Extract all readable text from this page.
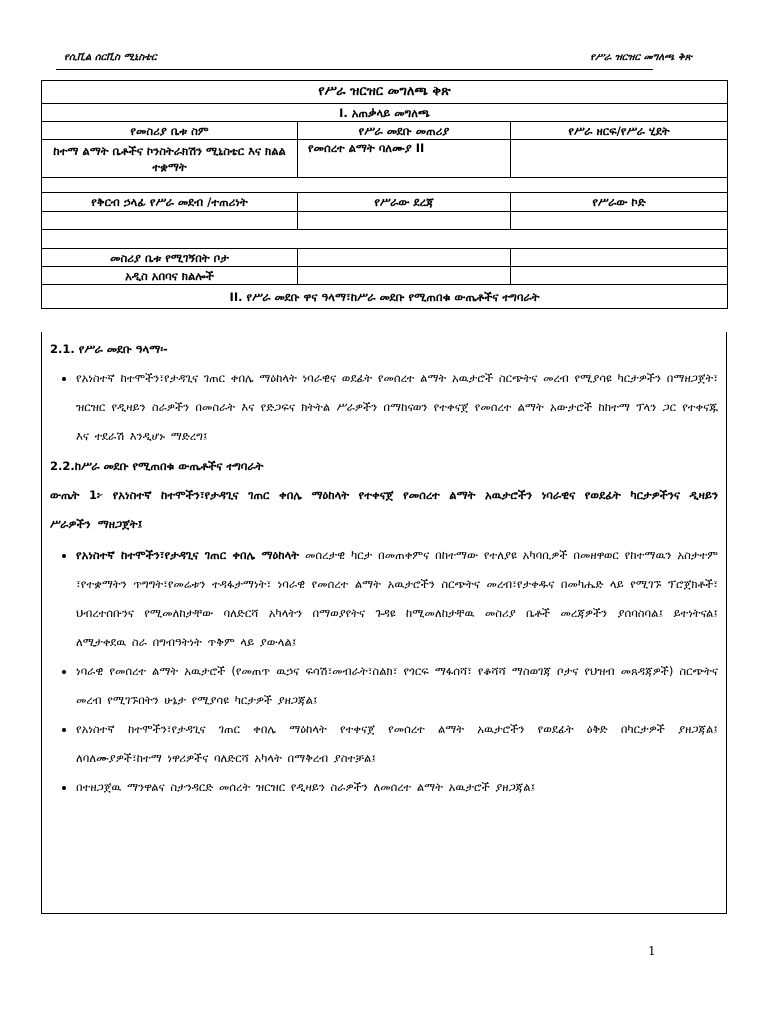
የሲቪል ሰርቪስ ሚኒስቴር	የሥራ ዝርዝር መግለጫ ቅጽ
የሥራ ዝርዝር መግለጫ ቅጽ		
I. አጠቃላይ መግለጫ		
የመስሪያ ቤቱ ስም	የሥራ መደቡ መጠሪያ	የሥራ ዘርፍ/የሥራ ሂደት
ከተማ ልማት ቤቶችና ኮንስትራክሽን ሚኒስቴር እና ክልል ተቋማት	የመሰረተ ልማት ባለሙያ II	

የቅርብ ኃላፊ የሥራ መደብ /ተጠሪነት	የሥራው ደረጃ	የሥራው ኮድ

መስሪያ ቤቱ የሚገኝበት ቦታ		
አዲስ አበባና ክልሎች		
II. የሥራ መደቡ ዋና ዓላማ፣ከሥራ መደቡ የሚጠበቁ ውጤቶችና ተግባራት		
2.1. የሥራ መደቡ ዓላማ፡-
• የአነስተኛ ከተሞችን፣የታዳጊና ገጠር ቀበሌ ማዕከላት ነባራዊና ወደፊት የመሰረተ ልማት አዉታሮች ስርጭትና መረብ የሚያሳዩ ካርታዎችን በማዘጋጀት፣ ዝርዝር የዲዛይን ስራዎችን በመስራት እና የድጋፍና ክትትል ሥራዎችን በማከናወን የተቀናጀ የመሰረተ ልማት አውታሮች ከከተማ ፕላን ጋር የተቀናጁ እና ተደራሽ እንዲሆኑ ማድረግ፤
2.2.ከሥራ መደቡ የሚጠበቁ ውጤቶችና ተግባራት
ውጤት 1፦ የአነስተኛ ከተሞችን፣የታዳጊና ገጠር ቀበሌ ማዕከላት የተቀናጀ የመሰረተ ልማት አዉታሮችን ነባራዊና የወደፊት ካርታዎችንና ዲዛይን ሥራዎችን ማዘጋጀት፤
• የአነስተኛ ከተሞችን፣የታዳጊና ገጠር ቀበሌ ማዕከላት መሰረታዊ ካርታ በመጠቀምና በከተማው የተለያዩ አካባቢዎች በመዘዋወር የከተማዉን አስታተም ፣የተቋማትን ጥግግት፣የመሬቱን ተዳፋታማነት፣ ነባራዊ የመሰረተ ልማት አዉታሮችን ስርጭትና መረብ፣የታቀዱና በመካሔድ ላይ የሚገኙ ፕሮጀክቶች፣ ህብረተሰቡንና የሚመለከታቸው ባለድርሻ አካላትን በማወያየትና ጉዳዩ ከሚመለከታቸዉ መስሪያ ቤቶች መረጃዎችን ያሰባስባል፤ ይተነትናል፤ ለሚታቀደዉ ስራ በግብዓትነት ጥቅም ላይ ያውላል፤
• ነባራዊ የመሰረተ ልማት አዉታሮች (የመጠጥ ዉኃና ፍሳሽ፣መብራት፣ስልክ፣ የጎርፍ ማፋሰሻ፣ የቆሻሻ ማስወገጃ ቦታና የህዝብ መጸዳጃዎች) ስርጭትና መረብ የሚገኙበትን ሁኔታ የሚያሳዩ ካርታዎች ያዘጋጃል፤
• የአነስተኛ ከተሞችን፣የታዳጊና ገጠር ቀበሌ ማዕከላት የተቀናጀ የመሰረተ ልማት አዉታሮችን የወደፊት ዕቅድ በካርታዎች ያዘጋጃል፤ ለባለሙያዎች፣ከተማ ነዋሪዎችና ባለድርሻ አካላት በማቅረብ ያስተቻል፤
• በተዘጋጀዉ ማንዋልና ስታንዳርድ መሰረት ዝርዝር የዲዛይን ስራዎችን ለመሰረተ ልማት አዉታሮች ያዘጋጃል፤
1
